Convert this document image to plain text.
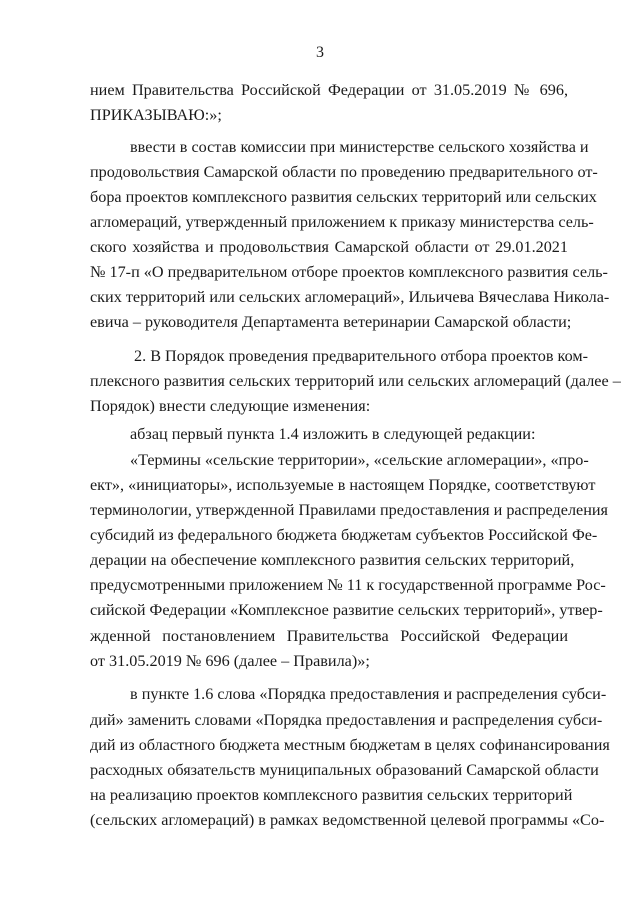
3
нием Правительства Российской Федерации от 31.05.2019 № 696,
ПРИКАЗЫВАЮ:»;
ввести в состав комиссии при министерстве сельского хозяйства и
продовольствия Самарской области по проведению предварительного от-
бора проектов комплексного развития сельских территорий или сельских
агломераций, утвержденный приложением к приказу министерства сель-
ского хозяйства и продовольствия Самарской области от 29.01.2021
№ 17-п «О предварительном отборе проектов комплексного развития сель-
ских территорий или сельских агломераций», Ильичева Вячеслава Никола-
евича – руководителя Департамента ветеринарии Самарской области;
2. В Порядок проведения предварительного отбора проектов ком-
плексного развития сельских территорий или сельских агломераций (далее –
Порядок) внести следующие изменения:
абзац первый пункта 1.4 изложить в следующей редакции:
«Термины «сельские территории», «сельские агломерации», «про-
ект», «инициаторы», используемые в настоящем Порядке, соответствуют
терминологии, утвержденной Правилами предоставления и распределения
субсидий из федерального бюджета бюджетам субъектов Российской Фе-
дерации на обеспечение комплексного развития сельских территорий,
предусмотренными приложением № 11 к государственной программе Рос-
сийской Федерации «Комплексное развитие сельских территорий», утвер-
жденной постановлением Правительства Российской Федерации
от 31.05.2019 № 696 (далее – Правила)»;
в пункте 1.6 слова «Порядка предоставления и распределения субси-
дий» заменить словами «Порядка предоставления и распределения субси-
дий из областного бюджета местным бюджетам в целях софинансирования
расходных обязательств муниципальных образований Самарской области
на реализацию проектов комплексного развития сельских территорий
(сельских агломераций) в рамках ведомственной целевой программы «Со-
